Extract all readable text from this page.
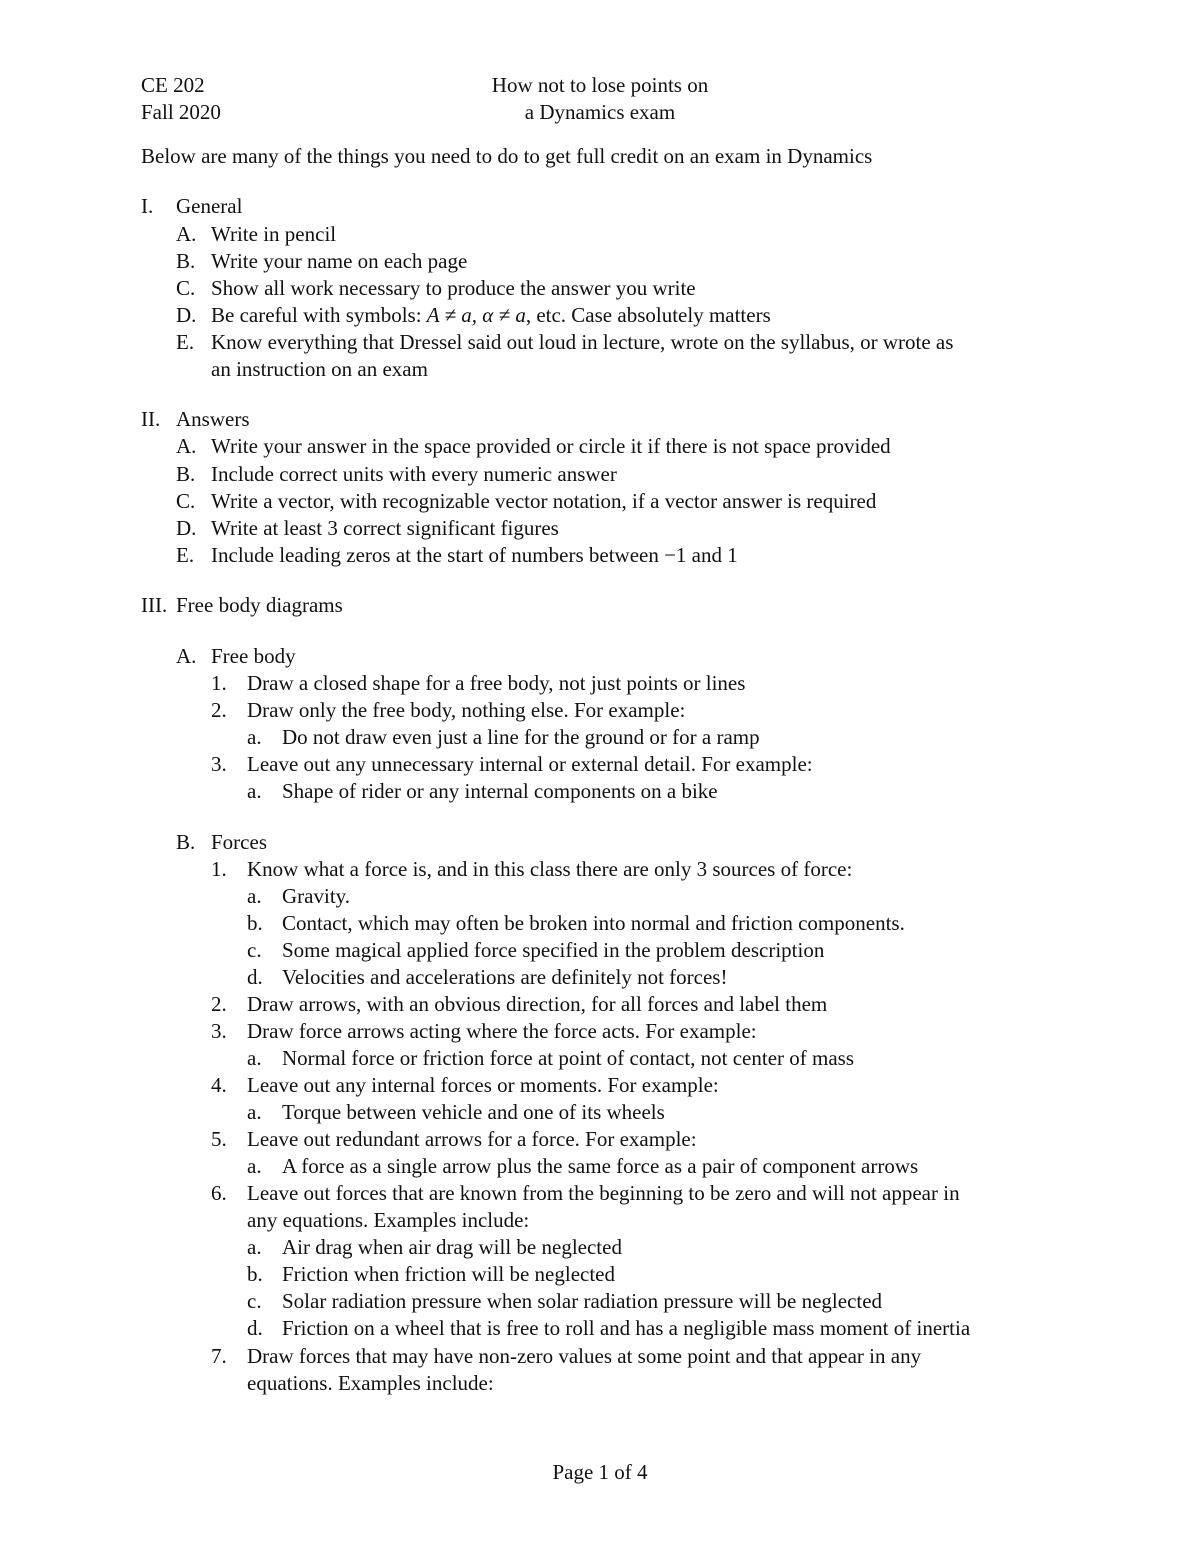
CE 202
Fall 2020
How not to lose points on
a Dynamics exam
Below are many of the things you need to do to get full credit on an exam in Dynamics
I. General
A. Write in pencil
B. Write your name on each page
C. Show all work necessary to produce the answer you write
D. Be careful with symbols: A ≠ a, α ≠ a, etc. Case absolutely matters
E. Know everything that Dressel said out loud in lecture, wrote on the syllabus, or wrote as
an instruction on an exam
II. Answers
A. Write your answer in the space provided or circle it if there is not space provided
B. Include correct units with every numeric answer
C. Write a vector, with recognizable vector notation, if a vector answer is required
D. Write at least 3 correct significant figures
E. Include leading zeros at the start of numbers between −1 and 1
III. Free body diagrams
A. Free body
1. Draw a closed shape for a free body, not just points or lines
2. Draw only the free body, nothing else. For example:
a. Do not draw even just a line for the ground or for a ramp
3. Leave out any unnecessary internal or external detail. For example:
a. Shape of rider or any internal components on a bike
B. Forces
1. Know what a force is, and in this class there are only 3 sources of force:
a. Gravity.
b. Contact, which may often be broken into normal and friction components.
c. Some magical applied force specified in the problem description
d. Velocities and accelerations are definitely not forces!
2. Draw arrows, with an obvious direction, for all forces and label them
3. Draw force arrows acting where the force acts. For example:
a. Normal force or friction force at point of contact, not center of mass
4. Leave out any internal forces or moments. For example:
a. Torque between vehicle and one of its wheels
5. Leave out redundant arrows for a force. For example:
a. A force as a single arrow plus the same force as a pair of component arrows
6. Leave out forces that are known from the beginning to be zero and will not appear in
any equations. Examples include:
a. Air drag when air drag will be neglected
b. Friction when friction will be neglected
c. Solar radiation pressure when solar radiation pressure will be neglected
d. Friction on a wheel that is free to roll and has a negligible mass moment of inertia
7. Draw forces that may have non-zero values at some point and that appear in any
equations. Examples include:
Page 1 of 4
